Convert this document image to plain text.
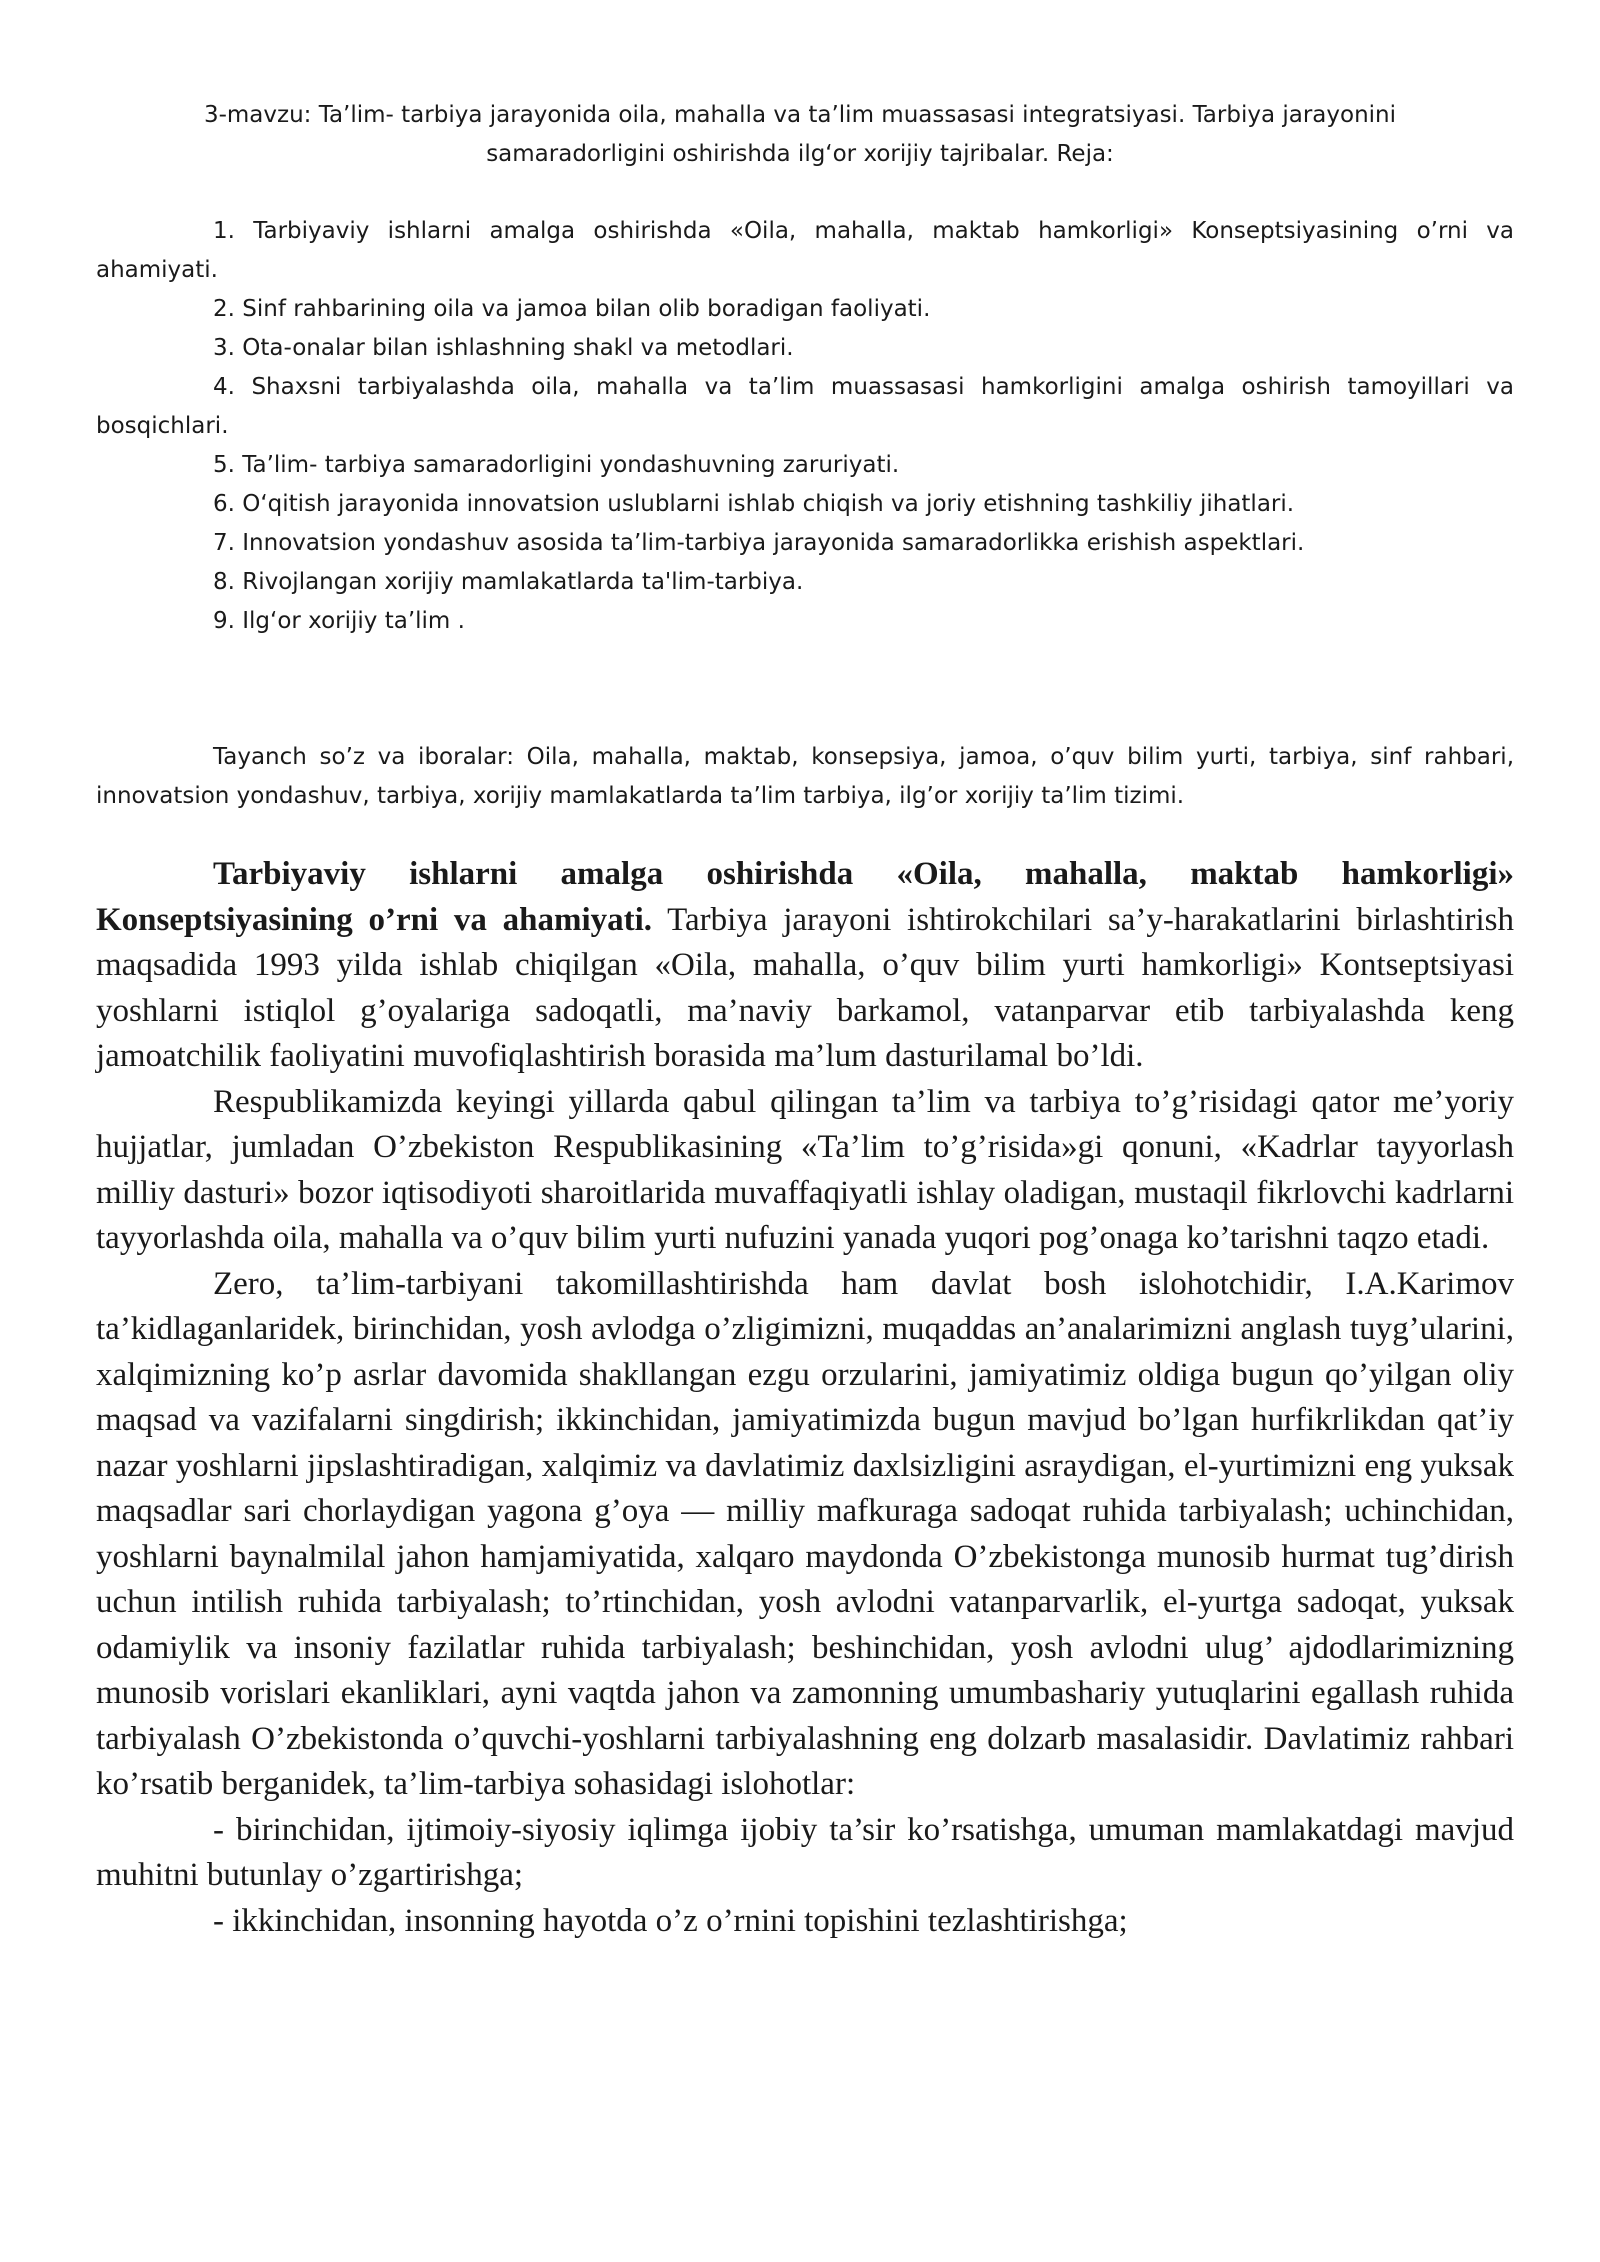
3-mavzu: Ta’lim- tarbiya jarayonida oila, mahalla va ta’lim muassasasi integratsiyasi. Tarbiya jarayonini samaradorligini oshirishda ilg‘or xorijiy tajribalar. Reja:

1. Tarbiyaviy ishlarni amalga oshirishda «Oila, mahalla, maktab hamkorligi» Konseptsiyasining o’rni va ahamiyati.

2. Sinf rahbarining oila va jamoa bilan olib boradigan faoliyati.

3. Ota-onalar bilan ishlashning shakl va metodlari.

4. Shaxsni tarbiyalashda oila, mahalla va ta’lim muassasasi hamkorligini amalga oshirish tamoyillari va bosqichlari.

5. Ta’lim- tarbiya samaradorligini yondashuvning zaruriyati.

6. O‘qitish jarayonida innovatsion uslublarni ishlab chiqish va joriy etishning tashkiliy jihatlari.

7. Innovatsion yondashuv asosida ta’lim-tarbiya jarayonida samaradorlikka erishish aspektlari.

8. Rivojlangan xorijiy mamlakatlarda ta'lim-tarbiya.

9. Ilg‘or xorijiy ta’lim .

Tayanch so’z va iboralar: Oila, mahalla, maktab, konsepsiya, jamoa, o’quv bilim yurti, tarbiya, sinf rahbari, innovatsion yondashuv, tarbiya, xorijiy mamlakatlarda ta’lim tarbiya, ilg’or xorijiy ta’lim tizimi.

Tarbiyaviy ishlarni amalga oshirishda «Oila, mahalla, maktab hamkorligi» Konseptsiyasining o’rni va ahamiyati. Tarbiya jarayoni ishtirokchilari sa’y-harakatlarini birlashtirish maqsadida 1993 yilda ishlab chiqilgan «Oila, mahalla, o’quv bilim yurti hamkorligi» Kontseptsiyasi yoshlarni istiqlol g’oyalariga sadoqatli, ma’naviy barkamol, vatanparvar etib tarbiyalashda keng jamoatchilik faoliyatini muvofiqlashtirish borasida ma’lum dasturilamal bo’ldi.

Respublikamizda keyingi yillarda qabul qilingan ta’lim va tarbiya to’g’risidagi qator me’yoriy hujjatlar, jumladan O’zbekiston Respublikasining «Ta’lim to’g’risida»gi qonuni, «Kadrlar tayyorlash milliy dasturi» bozor iqtisodiyoti sharoitlarida muvaffaqiyatli ishlay oladigan, mustaqil fikrlovchi kadrlarni tayyorlashda oila, mahalla va o’quv bilim yurti nufuzini yanada yuqori pog’onaga ko’tarishni taqzo etadi.

Zero, ta’lim-tarbiyani takomillashtirishda ham davlat bosh islohotchidir, I.A.Karimov ta’kidlaganlaridek, birinchidan, yosh avlodga o’zligimizni, muqaddas an’analarimizni anglash tuyg’ularini, xalqimizning ko’p asrlar davomida shakllangan ezgu orzularini, jamiyatimiz oldiga bugun qo’yilgan oliy maqsad va vazifalarni singdirish; ikkinchidan, jamiyatimizda bugun mavjud bo’lgan hurfikrlikdan qat’iy nazar yoshlarni jipslashtiradigan, xalqimiz va davlatimiz daxlsizligini asraydigan, el-yurtimizni eng yuksak maqsadlar sari chorlaydigan yagona g’oya — milliy mafkuraga sadoqat ruhida tarbiyalash; uchinchidan, yoshlarni baynalmilal jahon hamjamiyatida, xalqaro maydonda O’zbekistonga munosib hurmat tug’dirish uchun intilish ruhida tarbiyalash; to’rtinchidan, yosh avlodni vatanparvarlik, el-yurtga sadoqat, yuksak odamiylik va insoniy fazilatlar ruhida tarbiyalash; beshinchidan, yosh avlodni ulug’ ajdodlarimizning munosib vorislari ekanliklari, ayni vaqtda jahon va zamonning umumbashariy yutuqlarini egallash ruhida tarbiyalash O’zbekistonda o’quvchi-yoshlarni tarbiyalashning eng dolzarb masalasidir. Davlatimiz rahbari ko’rsatib berganidek, ta’lim-tarbiya sohasidagi islohotlar:

- birinchidan, ijtimoiy-siyosiy iqlimga ijobiy ta’sir ko’rsatishga, umuman mamlakatdagi mavjud muhitni butunlay o’zgartirishga;

- ikkinchidan, insonning hayotda o’z o’rnini topishini tezlashtirishga;
